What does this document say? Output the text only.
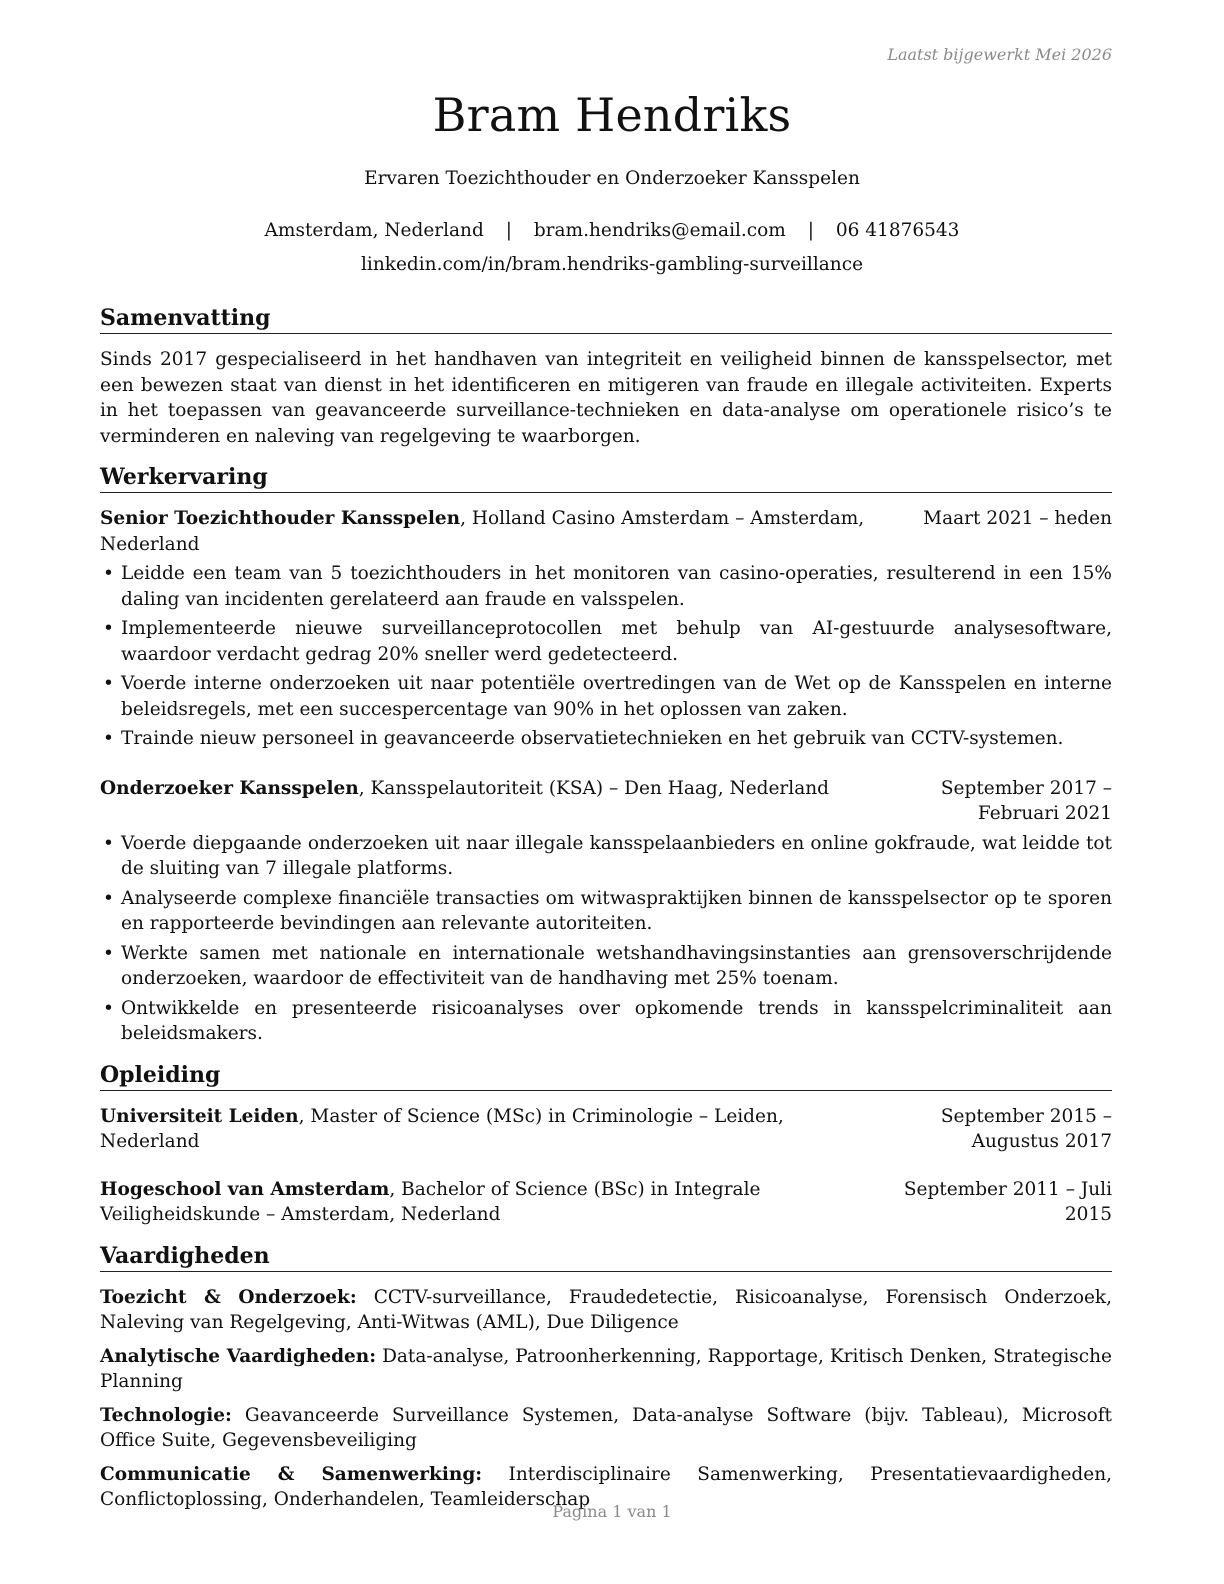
Laatst bijgewerkt Mei 2026
Bram Hendriks
Ervaren Toezichthouder en Onderzoeker Kansspelen
Amsterdam, Nederland | bram.hendriks@email.com | 06 41876543
linkedin.com/in/bram.hendriks-gambling-surveillance
Samenvatting

Sinds 2017 gespecialiseerd in het handhaven van integriteit en veiligheid binnen de kansspelsector, met een bewezen staat van dienst in het identificeren en mitigeren van fraude en illegale activiteiten. Experts in het toepassen van geavanceerde surveillance-technieken en data-analyse om operationele risico’s te verminderen en naleving van regelgeving te waarborgen.

Werkervaring
Senior Toezichthouder Kansspelen, Holland Casino Amsterdam – Amsterdam, Nederland
Maart 2021 – heden
• Leidde een team van 5 toezichthouders in het monitoren van casino-operaties, resulterend in een 15% daling van incidenten gerelateerd aan fraude en valsspelen.
• Implementeerde nieuwe surveillanceprotocollen met behulp van AI-gestuurde analysesoftware, waardoor verdacht gedrag 20% sneller werd gedetecteerd.
• Voerde interne onderzoeken uit naar potentiële overtredingen van de Wet op de Kansspelen en interne beleidsregels, met een succespercentage van 90% in het oplossen van zaken.
• Trainde nieuw personeel in geavanceerde observatietechnieken en het gebruik van CCTV-systemen.
Onderzoeker Kansspelen, Kansspelautoriteit (KSA) – Den Haag, Nederland	September 2017 – Februari 2021
• Voerde diepgaande onderzoeken uit naar illegale kansspelaanbieders en online gokfraude, wat leidde tot de sluiting van 7 illegale platforms.
• Analyseerde complexe financiële transacties om witwaspraktijken binnen de kansspelsector op te sporen en rapporteerde bevindingen aan relevante autoriteiten.
• Werkte samen met nationale en internationale wetshandhavingsinstanties aan grensoverschrijdende onderzoeken, waardoor de effectiviteit van de handhaving met 25% toenam.
• Ontwikkelde en presenteerde risicoanalyses over opkomende trends in kansspelcriminaliteit aan beleidsmakers.
Opleiding
Universiteit Leiden, Master of Science (MSc) in Criminologie – Leiden, Nederland
September 2015 – Augustus 2017
Hogeschool van Amsterdam, Bachelor of Science (BSc) in Integrale Veiligheidskunde – Amsterdam, Nederland
September 2011 – Juli 2015
Vaardigheden
Toezicht & Onderzoek: CCTV-surveillance, Fraudedetectie, Risicoanalyse, Forensisch Onderzoek, Naleving van Regelgeving, Anti-Witwas (AML), Due Diligence
Analytische Vaardigheden: Data-analyse, Patroonherkenning, Rapportage, Kritisch Denken, Strategische Planning
Technologie: Geavanceerde Surveillance Systemen, Data-analyse Software (bijv. Tableau), Microsoft Office Suite, Gegevensbeveiliging
Communicatie & Samenwerking: Interdisciplinaire Samenwerking, Presentatievaardigheden, Conflictoplossing, Onderhandelen, Teamleiderschap
Pagina 1 van 1
